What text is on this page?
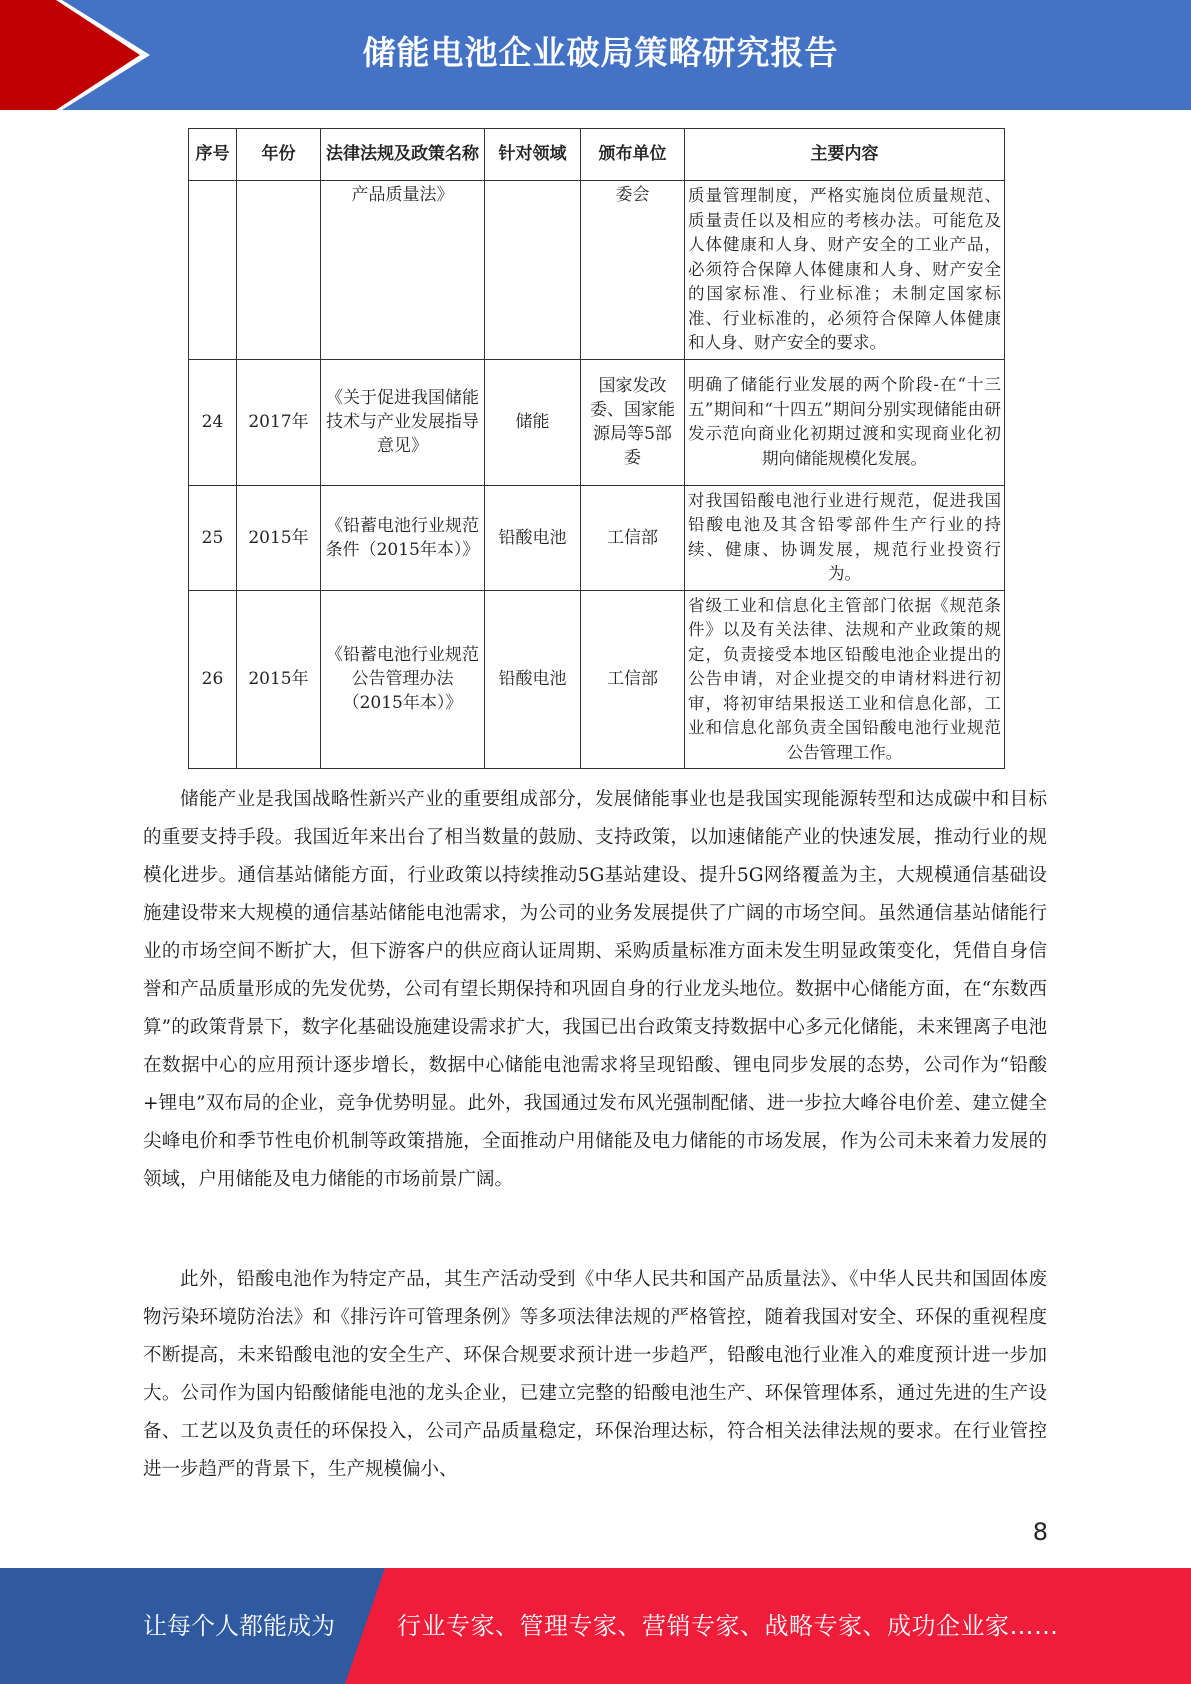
储能电池企业破局策略研究报告
序号	年份	法律法规及政策名称	针对领域	颁布单位	主要内容
		产品质量法》		委会	质量管理制度，严格实施岗位质量规范、质量责任以及相应的考核办法。可能危及人体健康和人身、财产安全的工业产品，必须符合保障人体健康和人身、财产安全的国家标准、行业标准；未制定国家标准、行业标准的，必须符合保障人体健康和人身、财产安全的要求。
24	2017年	《关于促进我国储能技术与产业发展指导意见》	储能	国家发改委、国家能源局等5部委	明确了储能行业发展的两个阶段-在“十三五”期间和“十四五”期间分别实现储能由研发示范向商业化初期过渡和实现商业化初期向储能规模化发展。
25	2015年	《铅蓄电池行业规范条件（2015年本）》	铅酸电池	工信部	对我国铅酸电池行业进行规范，促进我国铅酸电池及其含铅零部件生产行业的持续、健康、协调发展，规范行业投资行为。
26	2015年	《铅蓄电池行业规范公告管理办法（2015年本）》	铅酸电池	工信部	省级工业和信息化主管部门依据《规范条件》以及有关法律、法规和产业政策的规定，负责接受本地区铅酸电池企业提出的公告申请，对企业提交的申请材料进行初审，将初审结果报送工业和信息化部，工业和信息化部负责全国铅酸电池行业规范公告管理工作。

储能产业是我国战略性新兴产业的重要组成部分，发展储能事业也是我国实现能源转型和达成碳中和目标的重要支持手段。我国近年来出台了相当数量的鼓励、支持政策，以加速储能产业的快速发展，推动行业的规模化进步。通信基站储能方面，行业政策以持续推动5G基站建设、提升5G网络覆盖为主，大规模通信基础设施建设带来大规模的通信基站储能电池需求，为公司的业务发展提供了广阔的市场空间。虽然通信基站储能行业的市场空间不断扩大，但下游客户的供应商认证周期、采购质量标准方面未发生明显政策变化，凭借自身信誉和产品质量形成的先发优势，公司有望长期保持和巩固自身的行业龙头地位。数据中心储能方面，在“东数西算”的政策背景下，数字化基础设施建设需求扩大，我国已出台政策支持数据中心多元化储能，未来锂离子电池在数据中心的应用预计逐步增长，数据中心储能电池需求将呈现铅酸、锂电同步发展的态势，公司作为“铅酸+锂电”双布局的企业，竞争优势明显。此外，我国通过发布风光强制配储、进一步拉大峰谷电价差、建立健全尖峰电价和季节性电价机制等政策措施，全面推动户用储能及电力储能的市场发展，作为公司未来着力发展的领域，户用储能及电力储能的市场前景广阔。

此外，铅酸电池作为特定产品，其生产活动受到《中华人民共和国产品质量法》、《中华人民共和国固体废物污染环境防治法》和《排污许可管理条例》等多项法律法规的严格管控，随着我国对安全、环保的重视程度不断提高，未来铅酸电池的安全生产、环保合规要求预计进一步趋严，铅酸电池行业准入的难度预计进一步加大。公司作为国内铅酸储能电池的龙头企业，已建立完整的铅酸电池生产、环保管理体系，通过先进的生产设备、工艺以及负责任的环保投入，公司产品质量稳定，环保治理达标，符合相关法律法规的要求。在行业管控进一步趋严的背景下，生产规模偏小、

8
让每个人都能成为	行业专家、管理专家、营销专家、战略专家、成功企业家……
